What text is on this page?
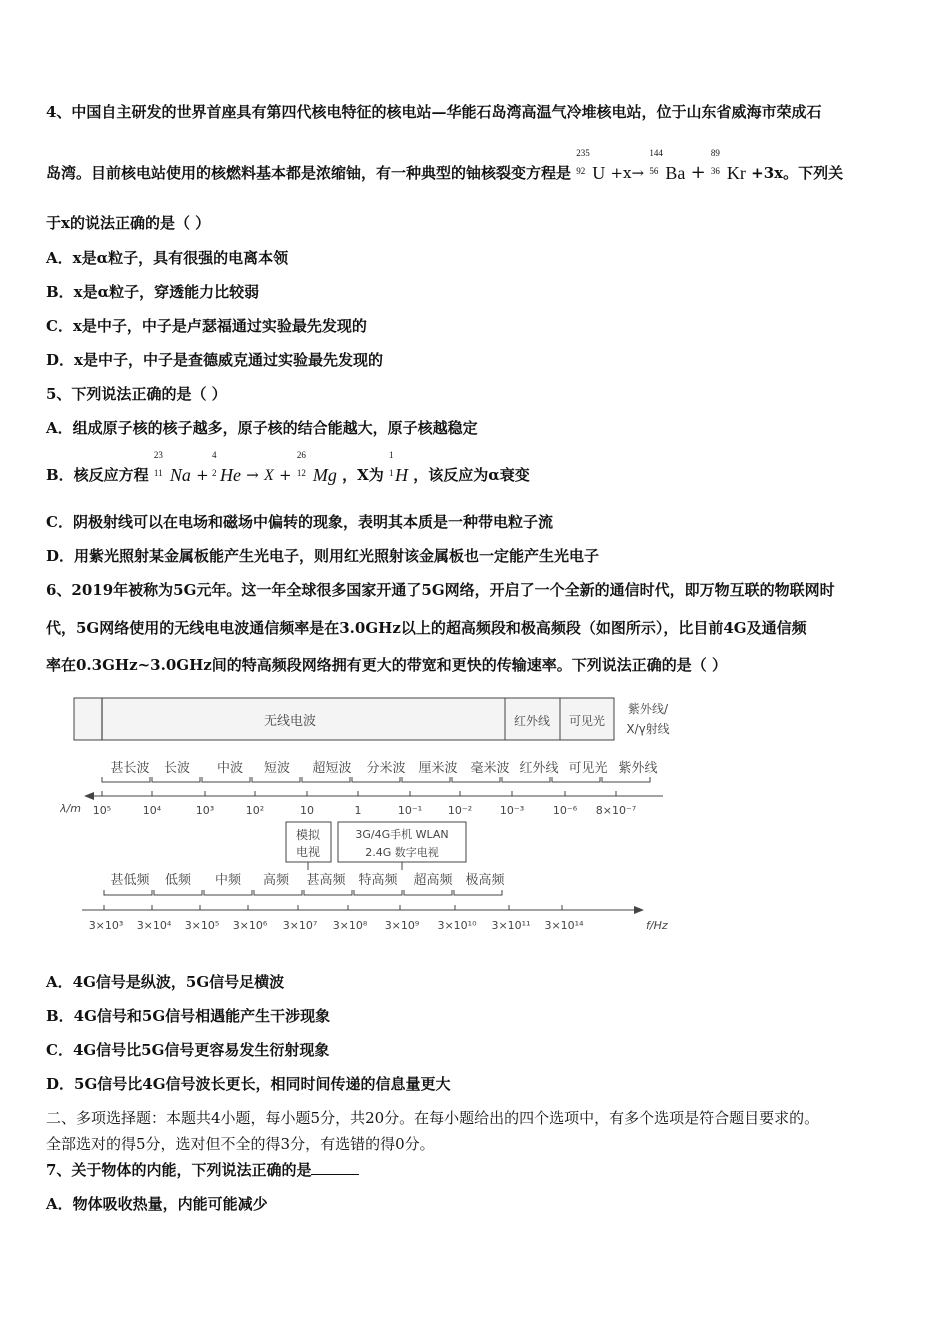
4、中国自主研发的世界首座具有第四代核电特征的核电站—华能石岛湾高温气冷堆核电站，位于山东省威海市荣成石
岛湾。目前核电站使用的核燃料基本都是浓缩铀，有一种典型的铀核裂变方程是
235
92 U +x→
144
56 Ba +
89
36 Kr +3x。下列关
于x的说法正确的是（ ）
A．x是α粒子，具有很强的电离本领
B．x是α粒子，穿透能力比较弱
C．x是中子，中子是卢瑟福通过实验最先发现的
D．x是中子，中子是查德威克通过实验最先发现的
5、下列说法正确的是（ ）
A．组成原子核的核子越多，原子核的结合能越大，原子核越稳定
B．核反应方程
23
11 Na +
4
2 He → X +
26
12 Mg ，X为
1
1 H ，该反应为α衰变
C．阴极射线可以在电场和磁场中偏转的现象，表明其本质是一种带电粒子流
D．用紫光照射某金属板能产生光电子，则用红光照射该金属板也一定能产生光电子
6、2019年被称为5G元年。这一年全球很多国家开通了5G网络，开启了一个全新的通信时代，即万物互联的物联网时
代，5G网络使用的无线电电波通信频率是在3.0GHz以上的超高频段和极高频段（如图所示），比目前4G及通信频
率在0.3GHz~3.0GHz间的特高频段网络拥有更大的带宽和更快的传输速率。下列说法正确的是（ ）
无线电波	红外线 可见光
紫外线/
X/γ射线
甚长波 长波 中波 短波 超短波 分米波 厘米波 毫米波 红外线 可见光 紫外线
λ/m 10⁵	10⁴	10³	10²	10	1	10⁻¹ 10⁻²	10⁻³	10⁻⁶ 8×10⁻⁷
模拟
电视
3G/4G手机 WLAN
2.4G 数字电视
甚低频 低频 中频 高频 甚高频 特高频 超高频 极高频
f/Hz
3×10³ 3×10⁴ 3×10⁵ 3×10⁶ 3×10⁷ 3×10⁸ 3×10⁹ 3×10¹⁰ 3×10¹¹ 3×10¹⁴
A．4G信号是纵波，5G信号足横波
B．4G信号和5G信号相遇能产生干涉现象
C．4G信号比5G信号更容易发生衍射现象
D．5G信号比4G信号波长更长，相同时间传递的信息量更大
二、多项选择题：本题共4小题，每小题5分，共20分。在每小题给出的四个选项中，有多个选项是符合题目要求的。
全部选对的得5分，选对但不全的得3分，有选错的得0分。
7、关于物体的内能，下列说法正确的是
A．物体吸收热量，内能可能减少
